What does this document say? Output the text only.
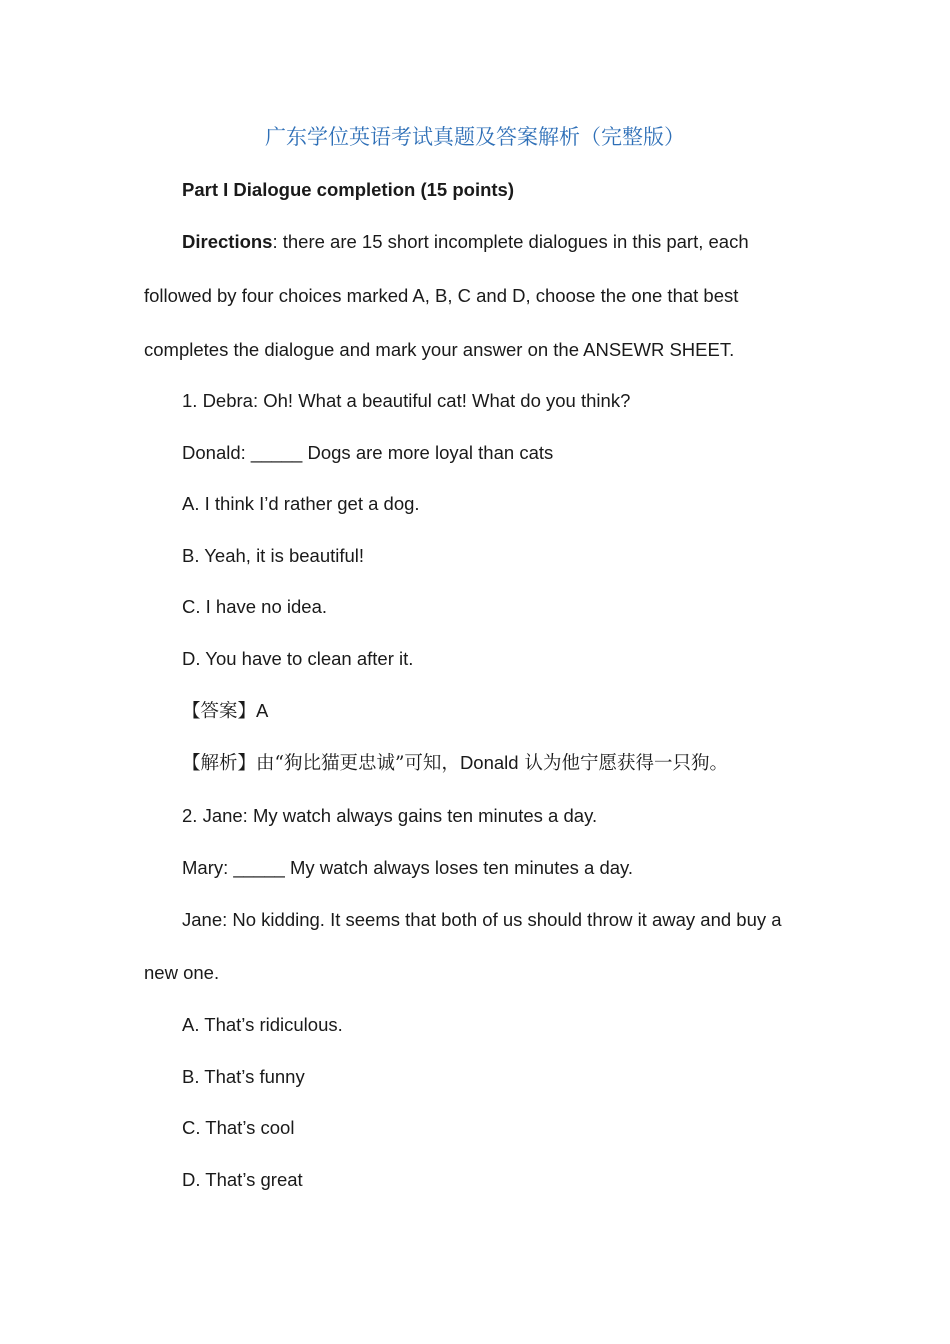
广东学位英语考试真题及答案解析（完整版）
Part I Dialogue completion (15 points)
Directions: there are 15 short incomplete dialogues in this part, each
followed by four choices marked A, B, C and D, choose the one that best
completes the dialogue and mark your answer on the ANSEWR SHEET.
1. Debra: Oh! What a beautiful cat! What do you think?
Donald: _____ Dogs are more loyal than cats
A. I think I’d rather get a dog.
B. Yeah, it is beautiful!
C. I have no idea.
D. You have to clean after it.
【答案】A
【解析】由“狗比猫更忠诚”可知，Donald 认为他宁愿获得一只狗。
2. Jane: My watch always gains ten minutes a day.
Mary: _____ My watch always loses ten minutes a day.
Jane: No kidding. It seems that both of us should throw it away and buy a
new one.
A. That’s ridiculous.
B. That’s funny
C. That’s cool
D. That’s great
